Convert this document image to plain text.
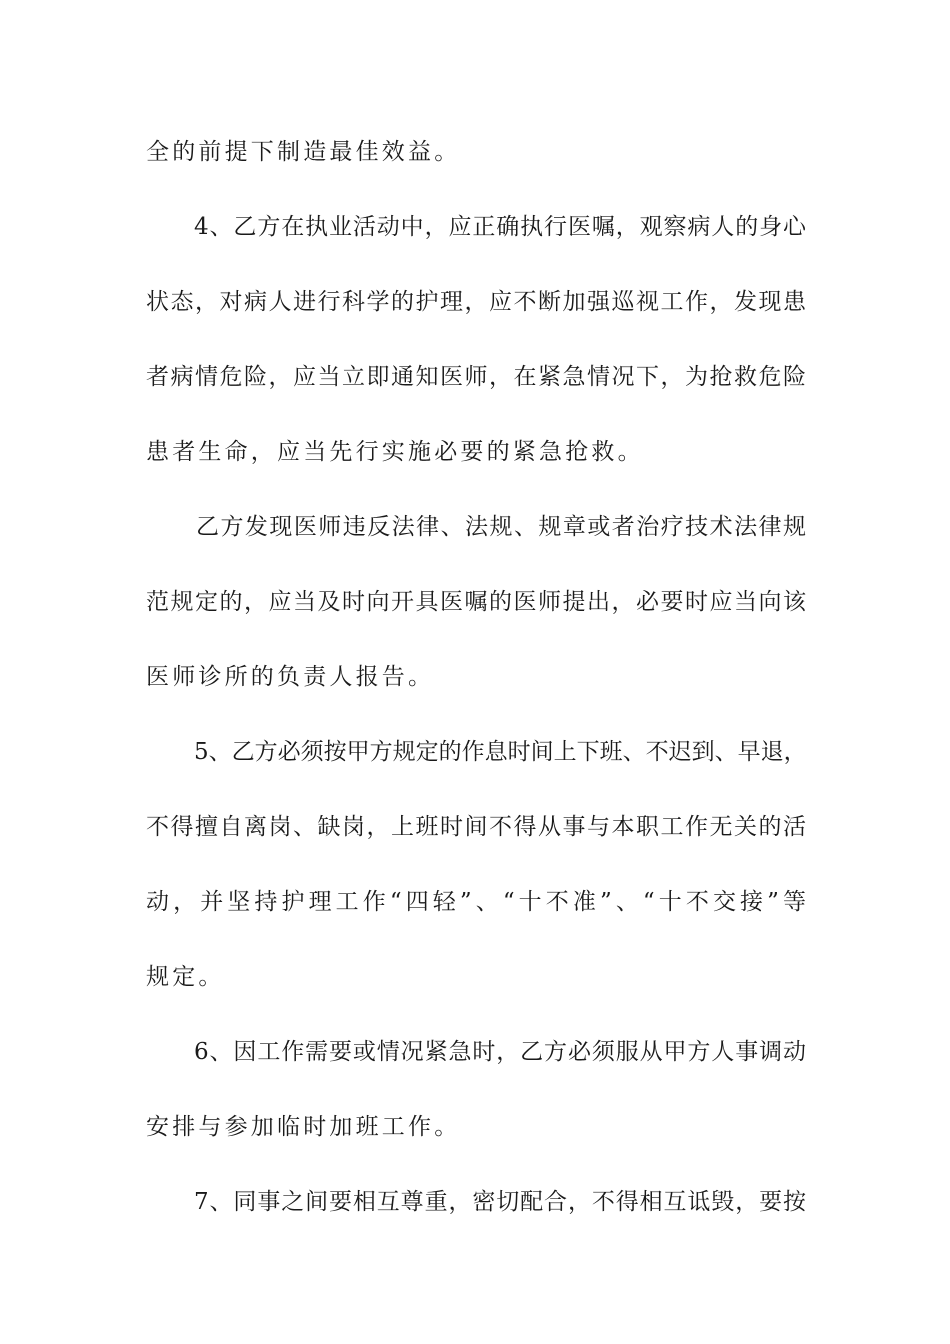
全的前提下制造最佳效益。
4、乙方在执业活动中，应正确执行医嘱，观察病人的身心
状态，对病人进行科学的护理，应不断加强巡视工作，发现患
者病情危险，应当立即通知医师，在紧急情况下，为抢救危险
患者生命，应当先行实施必要的紧急抢救。
乙方发现医师违反法律、法规、规章或者治疗技术法律规
范规定的，应当及时向开具医嘱的医师提出，必要时应当向该
医师诊所的负责人报告。
5、乙方必须按甲方规定的作息时间上下班、不迟到、早退，
不得擅自离岗、缺岗，上班时间不得从事与本职工作无关的活
动，并坚持护理工作“四轻”、“十不准”、“十不交接”等
规定。
6、因工作需要或情况紧急时，乙方必须服从甲方人事调动
安排与参加临时加班工作。
7、同事之间要相互尊重，密切配合，不得相互诋毁，要按
